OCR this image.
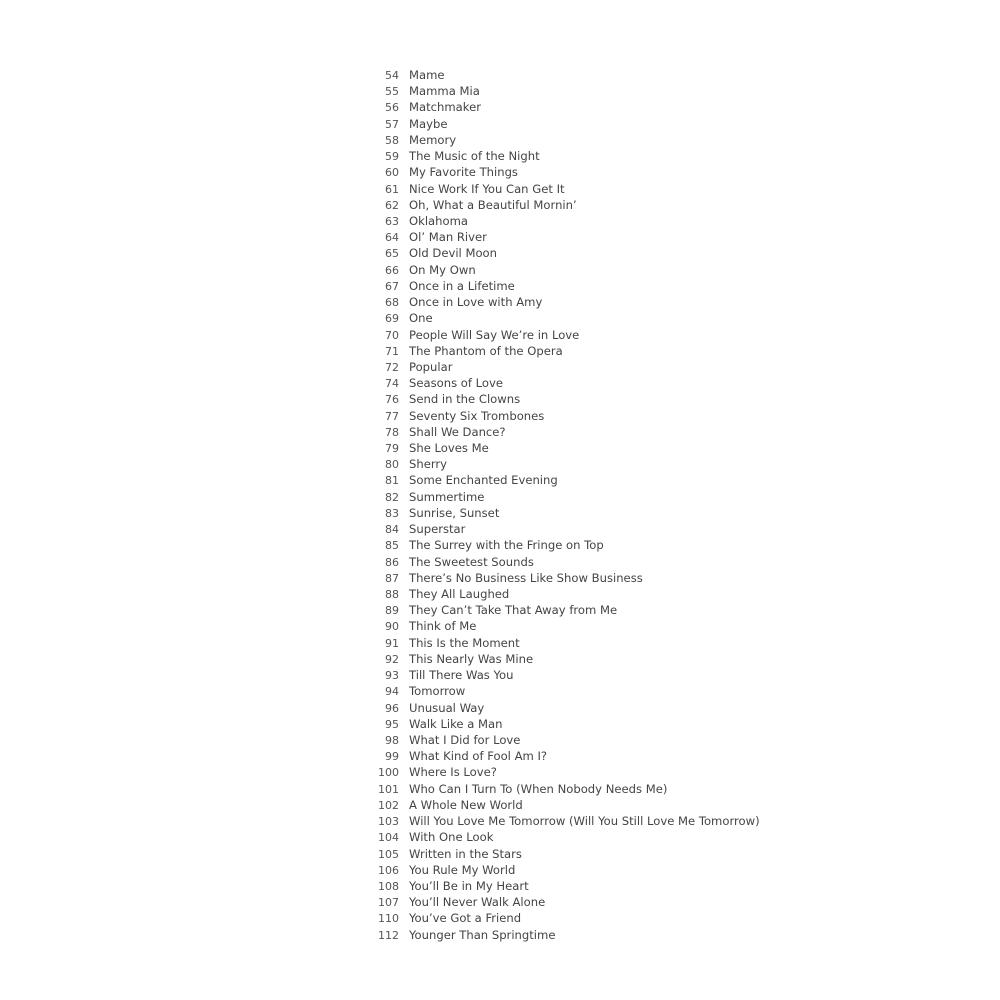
54 Mame
55 Mamma Mia
56 Matchmaker
57 Maybe
58 Memory
59 The Music of the Night
60 My Favorite Things
61 Nice Work If You Can Get It
62 Oh, What a Beautiful Mornin’
63 Oklahoma
64 Ol’ Man River
65 Old Devil Moon
66 On My Own
67 Once in a Lifetime
68 Once in Love with Amy
69 One
70 People Will Say We’re in Love
71 The Phantom of the Opera
72 Popular
74 Seasons of Love
76 Send in the Clowns
77 Seventy Six Trombones
78 Shall We Dance?
79 She Loves Me
80 Sherry
81 Some Enchanted Evening
82 Summertime
83 Sunrise, Sunset
84 Superstar
85 The Surrey with the Fringe on Top
86 The Sweetest Sounds
87 There’s No Business Like Show Business
88 They All Laughed
89 They Can’t Take That Away from Me
90 Think of Me
91 This Is the Moment
92 This Nearly Was Mine
93 Till There Was You
94 Tomorrow
96 Unusual Way
95 Walk Like a Man
98 What I Did for Love
99 What Kind of Fool Am I?
100 Where Is Love?
101 Who Can I Turn To (When Nobody Needs Me)
102 A Whole New World
103 Will You Love Me Tomorrow (Will You Still Love Me Tomorrow)
104 With One Look
105 Written in the Stars
106 You Rule My World
108 You’ll Be in My Heart
107 You’ll Never Walk Alone
110 You’ve Got a Friend
112 Younger Than Springtime
